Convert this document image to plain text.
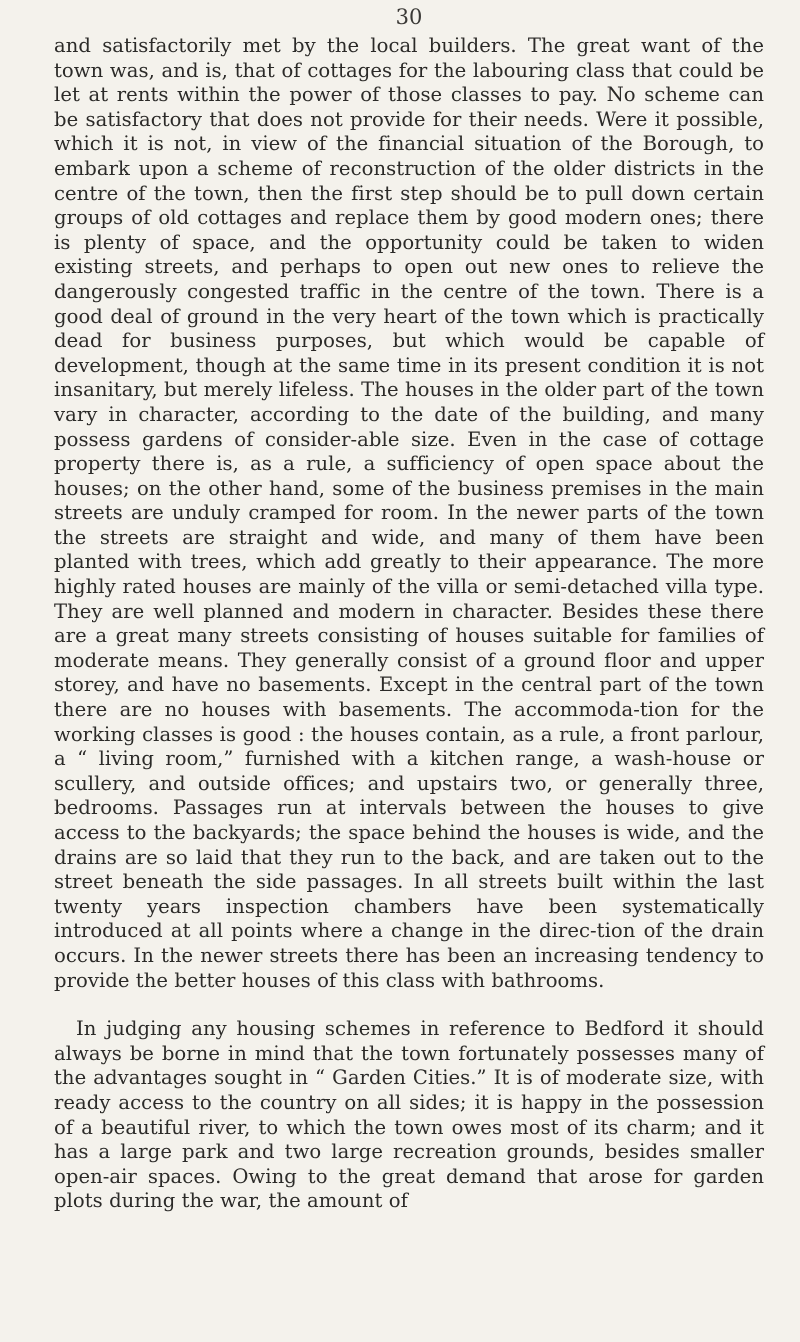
30

and satisfactorily met by the local builders. The great want of the town was, and is, that of cottages for the labouring class that could be let at rents within the power of those classes to pay. No scheme can be satisfactory that does not provide for their needs. Were it possible, which it is not, in view of the financial situation of the Borough, to embark upon a scheme of reconstruction of the older districts in the centre of the town, then the first step should be to pull down certain groups of old cottages and replace them by good modern ones; there is plenty of space, and the opportunity could be taken to widen existing streets, and perhaps to open out new ones to relieve the dangerously congested traffic in the centre of the town. There is a good deal of ground in the very heart of the town which is practically dead for business purposes, but which would be capable of development, though at the same time in its present condition it is not insanitary, but merely lifeless. The houses in the older part of the town vary in character, according to the date of the building, and many possess gardens of consider-able size. Even in the case of cottage property there is, as a rule, a sufficiency of open space about the houses; on the other hand, some of the business premises in the main streets are unduly cramped for room. In the newer parts of the town the streets are straight and wide, and many of them have been planted with trees, which add greatly to their appearance. The more highly rated houses are mainly of the villa or semi-detached villa type. They are well planned and modern in character. Besides these there are a great many streets consisting of houses suitable for families of moderate means. They generally consist of a ground floor and upper storey, and have no basements. Except in the central part of the town there are no houses with basements. The accommoda-tion for the working classes is good : the houses contain, as a rule, a front parlour, a “ living room,” furnished with a kitchen range, a wash-house or scullery, and outside offices; and upstairs two, or generally three, bedrooms. Passages run at intervals between the houses to give access to the backyards; the space behind the houses is wide, and the drains are so laid that they run to the back, and are taken out to the street beneath the side passages. In all streets built within the last twenty years inspection chambers have been systematically introduced at all points where a change in the direc-tion of the drain occurs. In the newer streets there has been an increasing tendency to provide the better houses of this class with bathrooms.

In judging any housing schemes in reference to Bedford it should always be borne in mind that the town fortunately possesses many of the advantages sought in “ Garden Cities.” It is of moderate size, with ready access to the country on all sides; it is happy in the possession of a beautiful river, to which the town owes most of its charm; and it has a large park and two large recreation grounds, besides smaller open-air spaces. Owing to the great demand that arose for garden plots during the war, the amount of
